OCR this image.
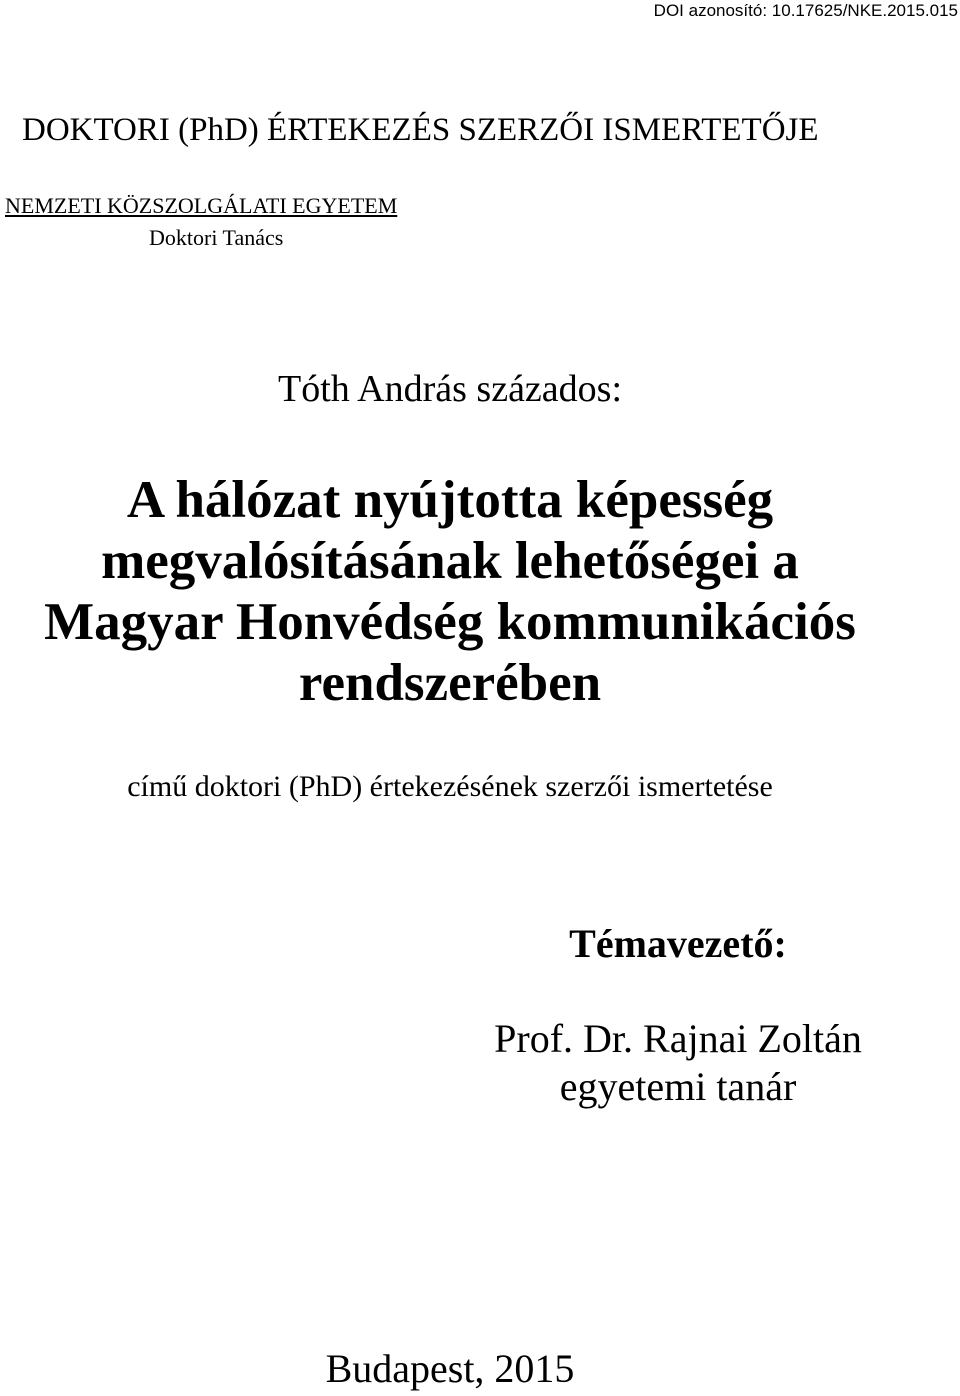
DOI azonosító: 10.17625/NKE.2015.015
DOKTORI (PhD) ÉRTEKEZÉS SZERZŐI ISMERTETŐJE
NEMZETI KÖZSZOLGÁLATI EGYETEM
Doktori Tanács
Tóth András százados:
A hálózat nyújtotta képesség
megvalósításának lehetőségei a
Magyar Honvédség kommunikációs
rendszerében
című doktori (PhD) értekezésének szerzői ismertetése
Témavezető:
Prof. Dr. Rajnai Zoltán
egyetemi tanár
Budapest, 2015
